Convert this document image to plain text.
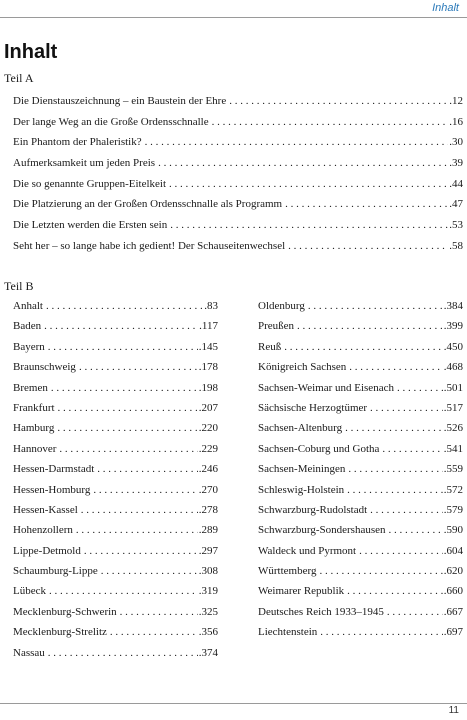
Inhalt
Inhalt
Teil A
Die Dienstauszeichnung – ein Baustein der Ehre . . .	.12
Der lange Weg an die Große Ordensschnalle . . .	.16
Ein Phantom der Phaleristik? . . .	.30
Aufmerksamkeit um jeden Preis . . .	.39
Die so genannte Gruppen-Eitelkeit . . .	.44
Die Platzierung an der Großen Ordensschnalle als Programm . . .	.47
Die Letzten werden die Ersten sein . . .	.53
Seht her – so lange habe ich gedient! Der Schauseitenwechsel . . .	.58
Teil B
Anhalt . . .	.83
Baden . . .	.117
Bayern . . .	.145
Braunschweig . . .	.178
Bremen . . .	.198
Frankfurt . . .	.207
Hamburg . . .	.220
Hannover . . .	.229
Hessen-Darmstadt . . .	.246
Hessen-Homburg . . .	.270
Hessen-Kassel . . .	.278
Hohenzollern . . .	.289
Lippe-Detmold . . .	.297
Schaumburg-Lippe . . .	.308
Lübeck . . .	.319
Mecklenburg-Schwerin . . .	.325
Mecklenburg-Strelitz . . .	.356
Nassau . . .	.374
Oldenburg . . .	.384
Preußen . . .	.399
Reuß . . .	.450
Königreich Sachsen . . .	.468
Sachsen-Weimar und Eisenach . . .	.501
Sächsische Herzogtümer . . .	.517
Sachsen-Altenburg . . .	.526
Sachsen-Coburg und Gotha . . .	.541
Sachsen-Meiningen . . .	.559
Schleswig-Holstein . . .	.572
Schwarzburg-Rudolstadt . . .	.579
Schwarzburg-Sondershausen . . .	.590
Waldeck und Pyrmont . . .	.604
Württemberg . . .	.620
Weimarer Republik . . .	.660
Deutsches Reich 1933–1945 . . .	.667
Liechtenstein . . .	.697
11
